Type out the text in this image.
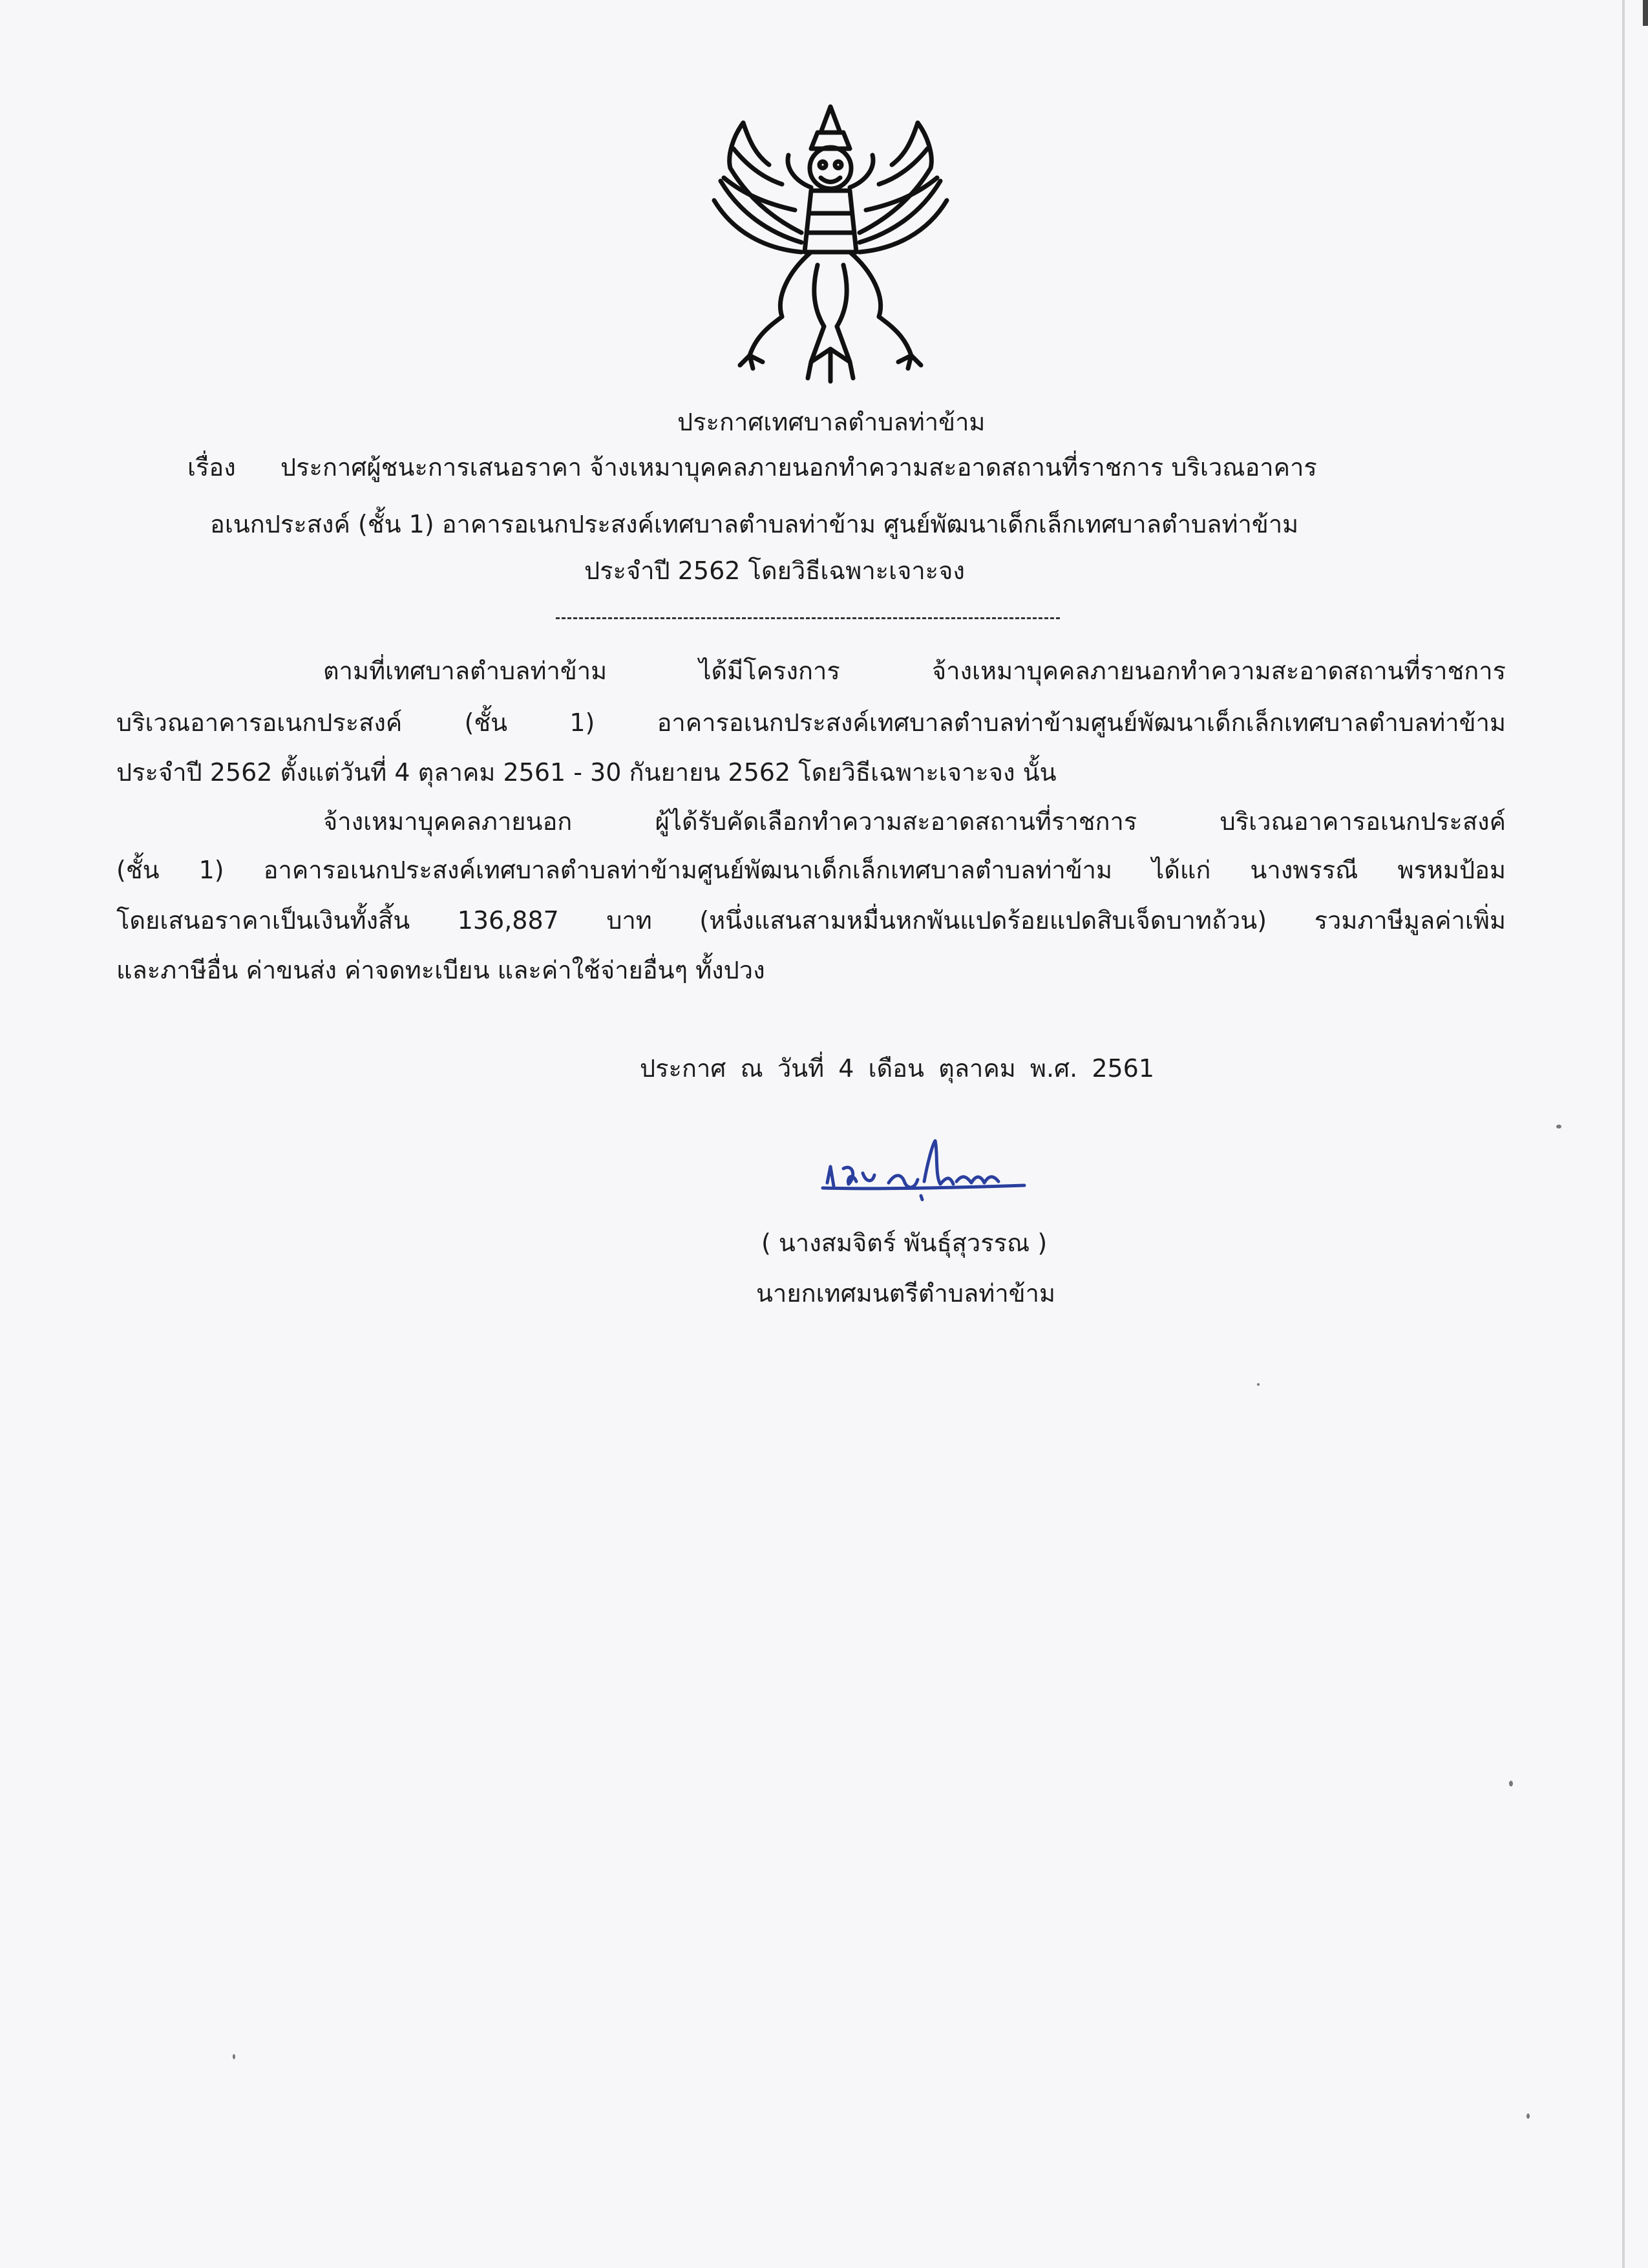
ประกาศเทศบาลตำบลท่าข้าม
เรื่อง ประกาศผู้ชนะการเสนอราคา จ้างเหมาบุคคลภายนอกทำความสะอาดสถานที่ราชการ บริเวณอาคาร
อเนกประสงค์ (ชั้น 1) อาคารอเนกประสงค์เทศบาลตำบลท่าข้าม ศูนย์พัฒนาเด็กเล็กเทศบาลตำบลท่าข้าม
ประจำปี 2562 โดยวิธีเฉพาะเจาะจง
ตามที่เทศบาลตำบลท่าข้าม ได้มีโครงการ จ้างเหมาบุคคลภายนอกทำความสะอาดสถานที่ราชการ
บริเวณอาคารอเนกประสงค์ (ชั้น 1) อาคารอเนกประสงค์เทศบาลตำบลท่าข้ามศูนย์พัฒนาเด็กเล็กเทศบาลตำบลท่าข้าม
ประจำปี 2562 ตั้งแต่วันที่ 4 ตุลาคม 2561 - 30 กันยายน 2562 โดยวิธีเฉพาะเจาะจง นั้น
จ้างเหมาบุคคลภายนอก ผู้ได้รับคัดเลือกทำความสะอาดสถานที่ราชการ บริเวณอาคารอเนกประสงค์
(ชั้น 1) อาคารอเนกประสงค์เทศบาลตำบลท่าข้ามศูนย์พัฒนาเด็กเล็กเทศบาลตำบลท่าข้าม ได้แก่ นางพรรณี พรหมป้อม
โดยเสนอราคาเป็นเงินทั้งสิ้น 136,887 บาท (หนึ่งแสนสามหมื่นหกพันแปดร้อยแปดสิบเจ็ดบาทถ้วน) รวมภาษีมูลค่าเพิ่ม
และภาษีอื่น ค่าขนส่ง ค่าจดทะเบียน และค่าใช้จ่ายอื่นๆ ทั้งปวง
ประกาศ ณ วันที่ 4 เดือน ตุลาคม พ.ศ. 2561
( นางสมจิตร์ พันธุ์สุวรรณ )
นายกเทศมนตรีตำบลท่าข้าม
